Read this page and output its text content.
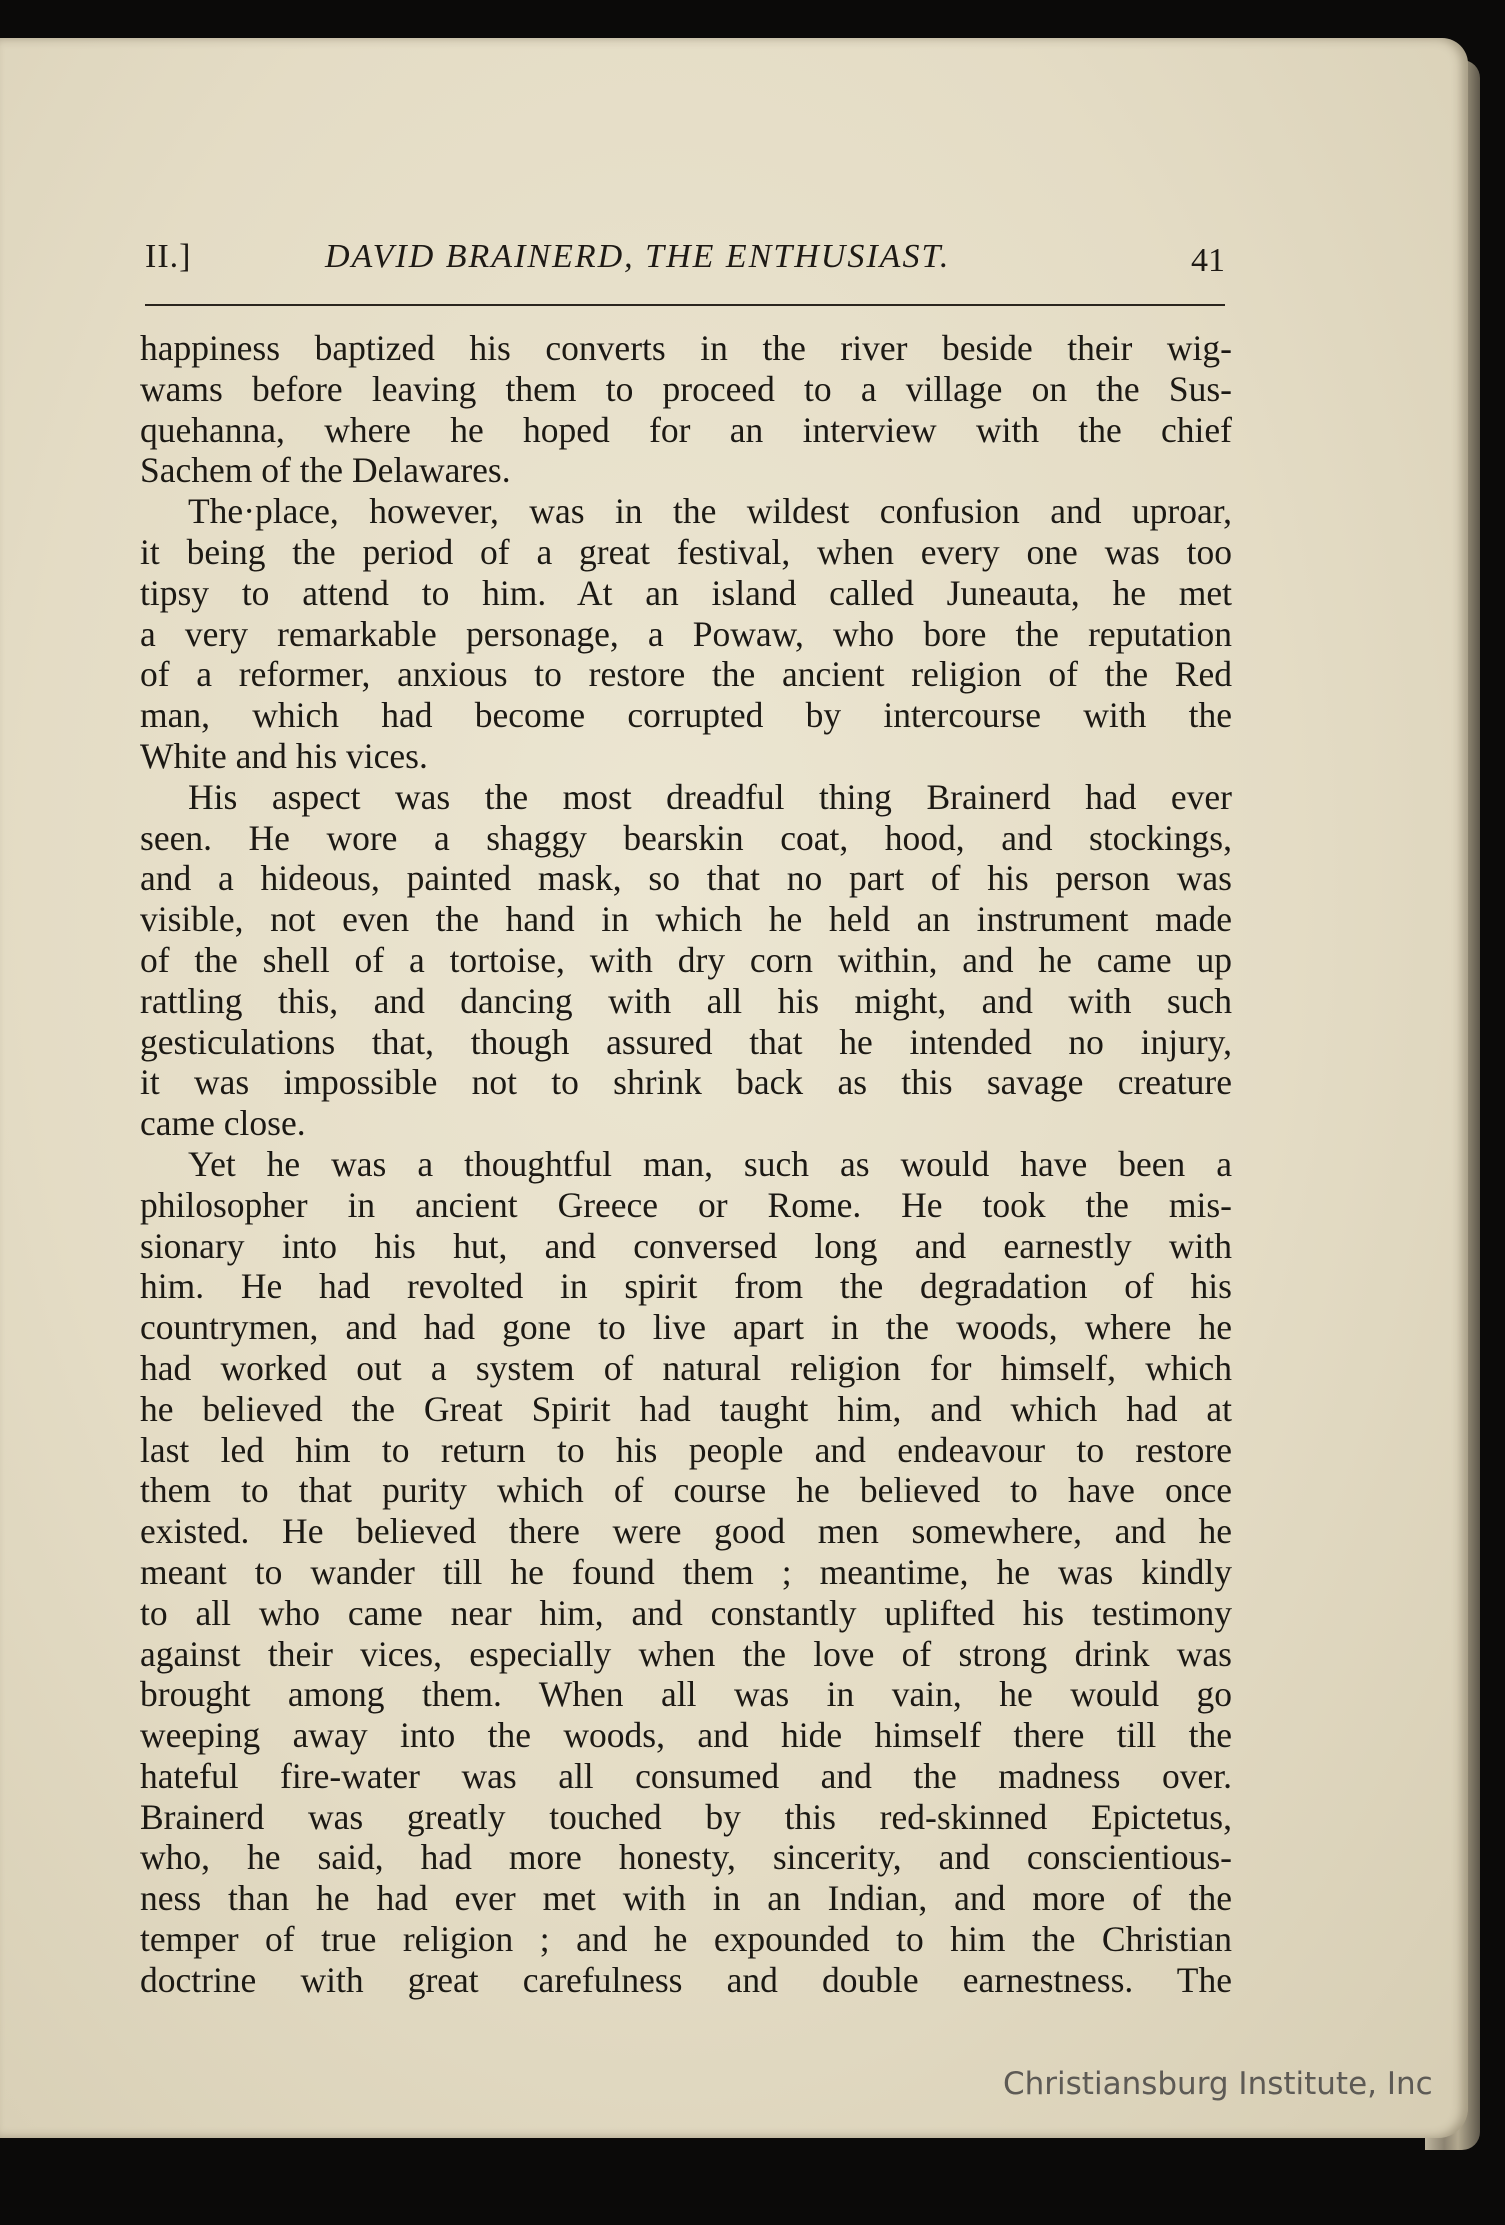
II.]	DAVID BRAINERD, THE ENTHUSIAST.	41
happiness baptized his converts in the river beside their wig-
wams before leaving them to proceed to a village on the Sus-
quehanna, where he hoped for an interview with the chief
Sachem of the Delawares.
The·place, however, was in the wildest confusion and uproar,
it being the period of a great festival, when every one was too
tipsy to attend to him. At an island called Juneauta, he met
a very remarkable personage, a Powaw, who bore the reputation
of a reformer, anxious to restore the ancient religion of the Red
man, which had become corrupted by intercourse with the
White and his vices.
His aspect was the most dreadful thing Brainerd had ever
seen. He wore a shaggy bearskin coat, hood, and stockings,
and a hideous, painted mask, so that no part of his person was
visible, not even the hand in which he held an instrument made
of the shell of a tortoise, with dry corn within, and he came up
rattling this, and dancing with all his might, and with such
gesticulations that, though assured that he intended no injury,
it was impossible not to shrink back as this savage creature
came close.
Yet he was a thoughtful man, such as would have been a
philosopher in ancient Greece or Rome. He took the mis-
sionary into his hut, and conversed long and earnestly with
him. He had revolted in spirit from the degradation of his
countrymen, and had gone to live apart in the woods, where he
had worked out a system of natural religion for himself, which
he believed the Great Spirit had taught him, and which had at
last led him to return to his people and endeavour to restore
them to that purity which of course he believed to have once
existed. He believed there were good men somewhere, and he
meant to wander till he found them ; meantime, he was kindly
to all who came near him, and constantly uplifted his testimony
against their vices, especially when the love of strong drink was
brought among them. When all was in vain, he would go
weeping away into the woods, and hide himself there till the
hateful fire-water was all consumed and the madness over.
Brainerd was greatly touched by this red-skinned Epictetus,
who, he said, had more honesty, sincerity, and conscientious-
ness than he had ever met with in an Indian, and more of the
temper of true religion ; and he expounded to him the Christian
doctrine with great carefulness and double earnestness. The
Christiansburg Institute, Inc
